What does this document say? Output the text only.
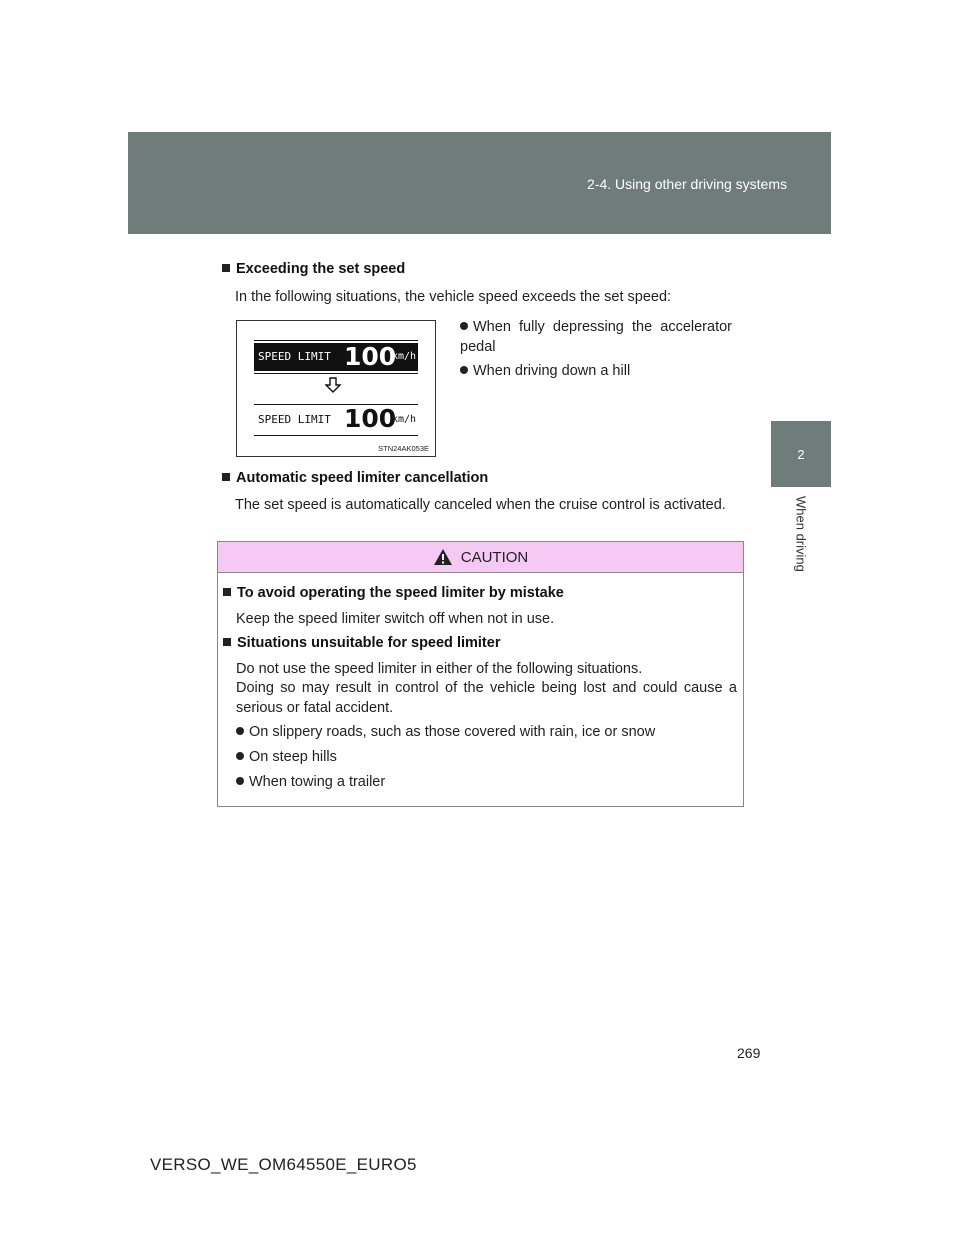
2-4. Using other driving systems
2
When driving
Exceeding the set speed
In the following situations, the vehicle speed exceeds the set speed:
When fully depressing the accelerator pedal
When driving down a hill
SPEED LIMIT 100
km/h
SPEED LIMIT 100
km/h
STN24AK053E
Automatic speed limiter cancellation
The set speed is automatically canceled when the cruise control is activated.
CAUTION
To avoid operating the speed limiter by mistake
Keep the speed limiter switch off when not in use.
Situations unsuitable for speed limiter
Do not use the speed limiter in either of the following situations.
Doing so may result in control of the vehicle being lost and could cause a serious or fatal accident.
On slippery roads, such as those covered with rain, ice or snow
On steep hills
When towing a trailer
269
VERSO_WE_OM64550E_EURO5
